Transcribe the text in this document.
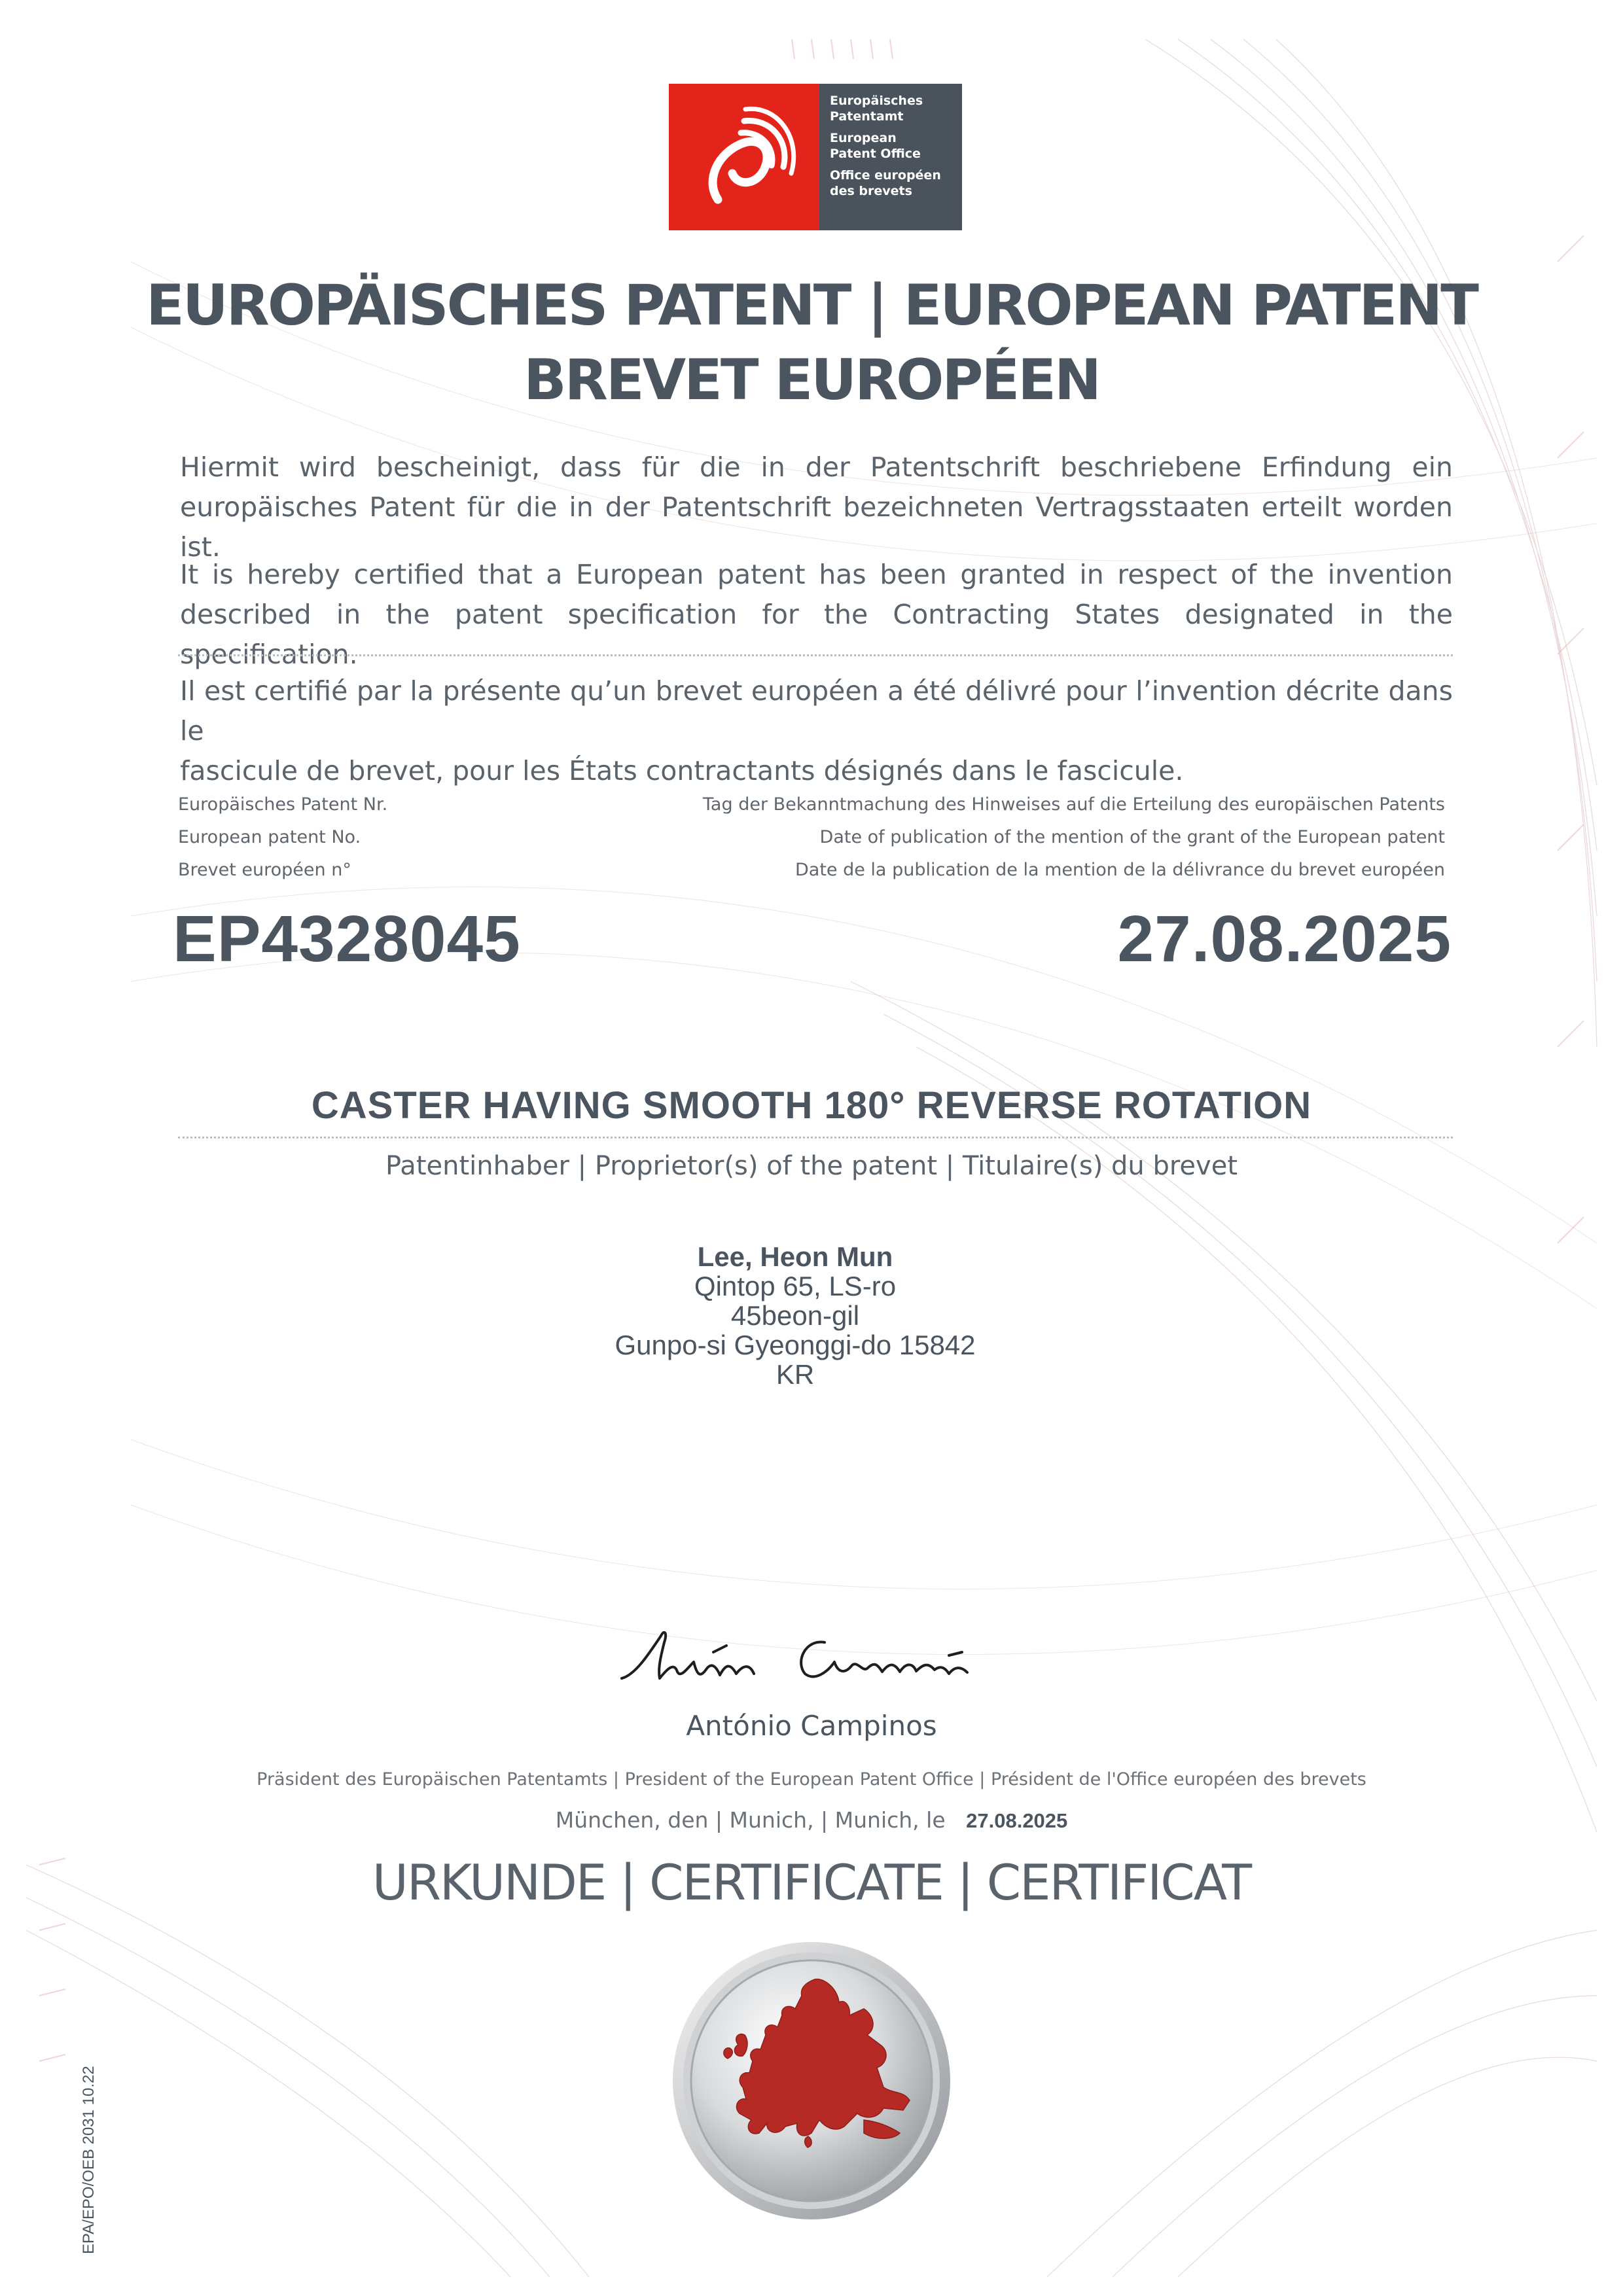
Europäisches
Patentamt
European
Patent Office
Office européen
des brevets
EUROPÄISCHES PATENT | EUROPEAN PATENT
BREVET EUROPÉEN
Hiermit wird bescheinigt, dass für die in der Patentschrift beschriebene Erfindung ein
europäisches Patent für die in der Patentschrift bezeichneten Vertragsstaaten erteilt worden ist.
It is hereby certified that a European patent has been granted in respect of the invention
described in the patent specification for the Contracting States designated in the specification.
Il est certifié par la présente qu’un brevet européen a été délivré pour l’invention décrite dans le
fascicule de brevet, pour les États contractants désignés dans le fascicule.
Europäisches Patent Nr.
European patent No.
Brevet européen n°
Tag der Bekanntmachung des Hinweises auf die Erteilung des europäischen Patents
Date of publication of the mention of the grant of the European patent
Date de la publication de la mention de la délivrance du brevet européen
EP4328045	27.08.2025
CASTER HAVING SMOOTH 180° REVERSE ROTATION
Patentinhaber | Proprietor(s) of the patent | Titulaire(s) du brevet
Lee, Heon Mun
Qintop 65, LS-ro
45beon-gil
Gunpo-si Gyeonggi-do 15842
KR
António Campinos
Präsident des Europäischen Patentamts | President of the European Patent Office | Président de l'Office européen des brevets
München, den | Munich, | Munich, le 27.08.2025
URKUNDE | CERTIFICATE | CERTIFICAT
EPA/EPO/OEB 2031 10.22
